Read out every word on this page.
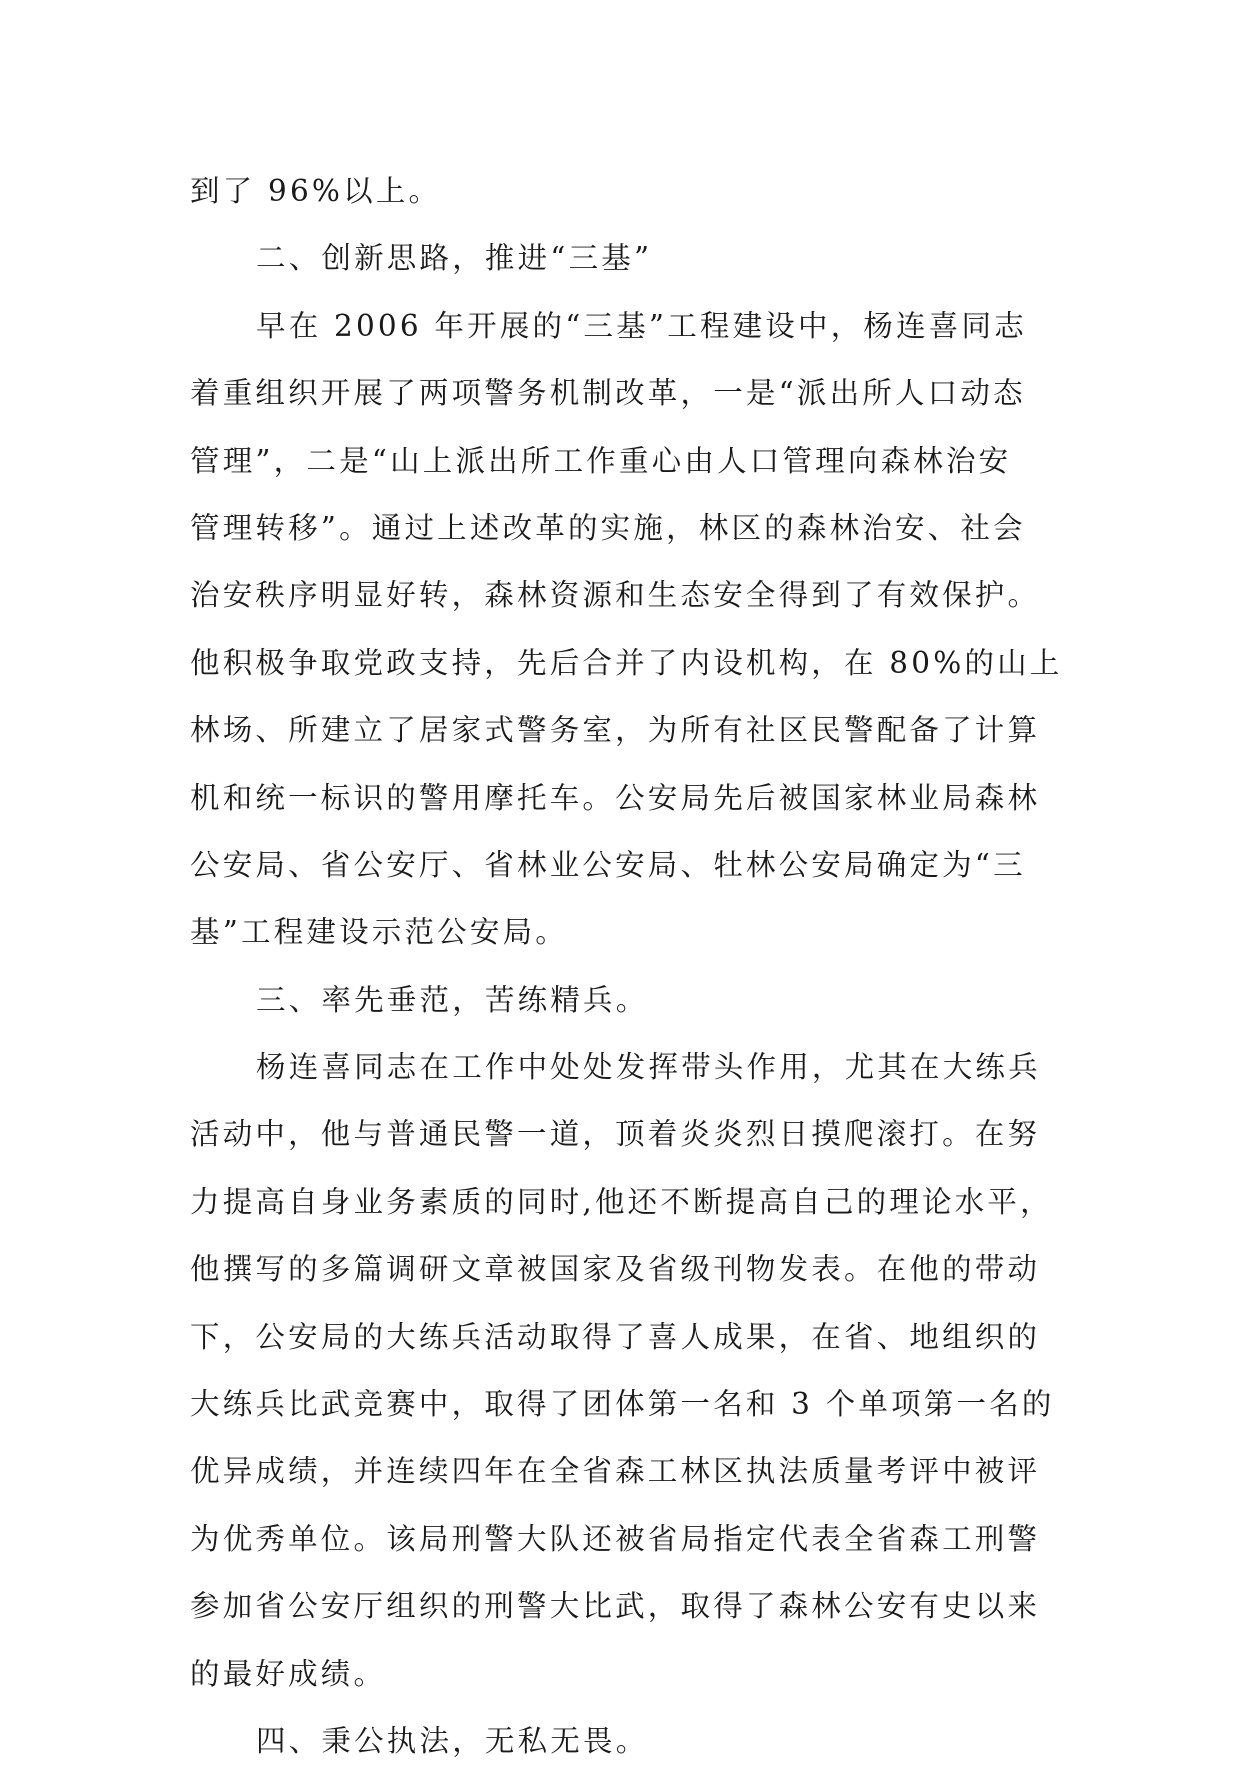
到了 96%以上。
二、创新思路，推进“三基”
早在 2006 年开展的“三基”工程建设中，杨连喜同志
着重组织开展了两项警务机制改革，一是“派出所人口动态
管理”，二是“山上派出所工作重心由人口管理向森林治安
管理转移”。通过上述改革的实施，林区的森林治安、社会
治安秩序明显好转，森林资源和生态安全得到了有效保护。
他积极争取党政支持，先后合并了内设机构，在 80%的山上
林场、所建立了居家式警务室，为所有社区民警配备了计算
机和统一标识的警用摩托车。公安局先后被国家林业局森林
公安局、省公安厅、省林业公安局、牡林公安局确定为“三
基”工程建设示范公安局。
三、率先垂范，苦练精兵。
杨连喜同志在工作中处处发挥带头作用，尤其在大练兵
活动中，他与普通民警一道，顶着炎炎烈日摸爬滚打。在努
力提高自身业务素质的同时,他还不断提高自己的理论水平，
他撰写的多篇调研文章被国家及省级刊物发表。在他的带动
下，公安局的大练兵活动取得了喜人成果，在省、地组织的
大练兵比武竞赛中，取得了团体第一名和 3 个单项第一名的
优异成绩，并连续四年在全省森工林区执法质量考评中被评
为优秀单位。该局刑警大队还被省局指定代表全省森工刑警
参加省公安厅组织的刑警大比武，取得了森林公安有史以来
的最好成绩。
四、秉公执法，无私无畏。
